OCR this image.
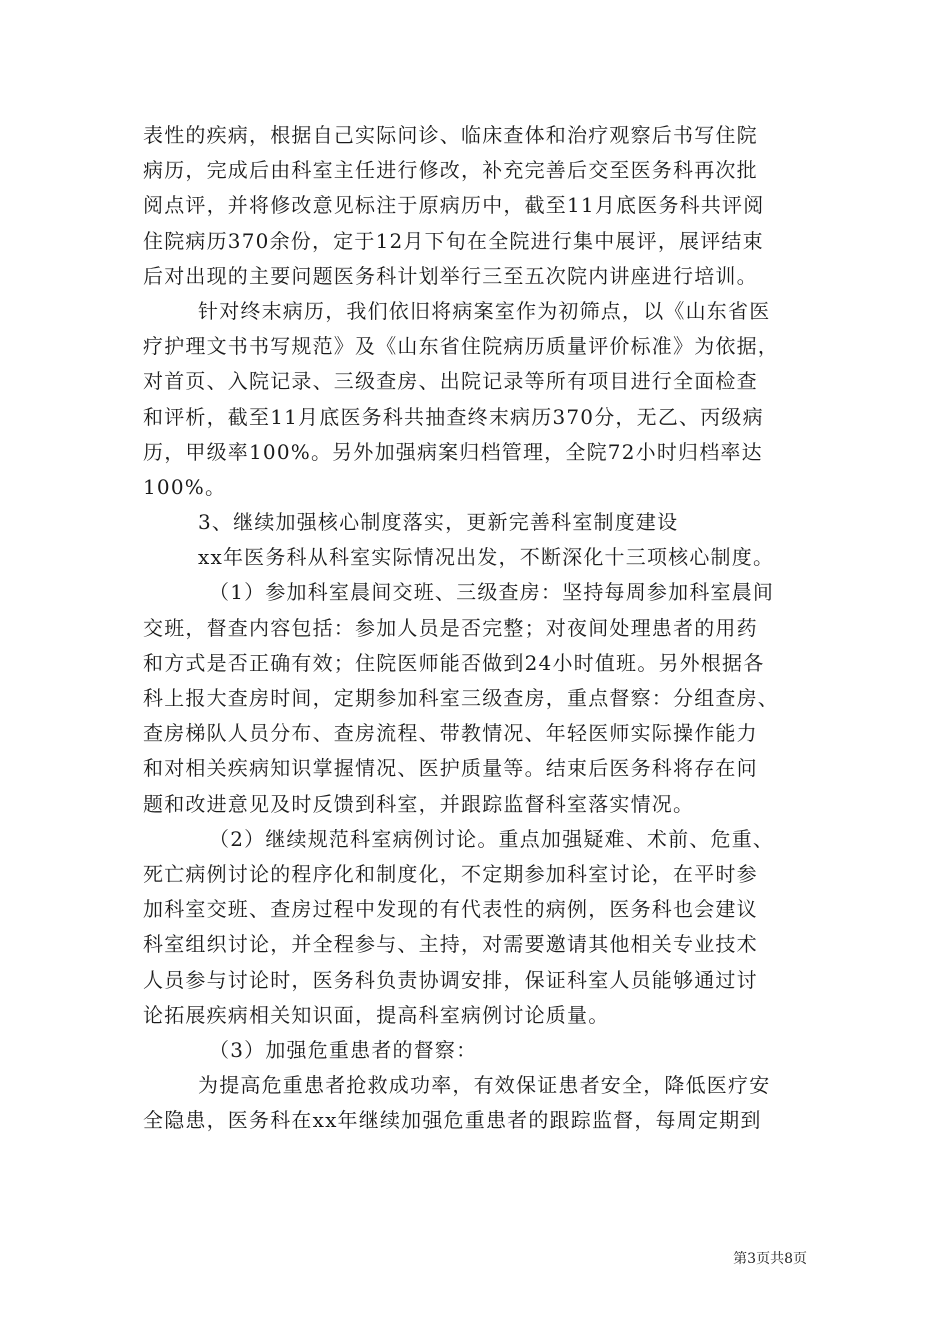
表性的疾病，根据自己实际问诊、临床查体和治疗观察后书写住院
病历，完成后由科室主任进行修改，补充完善后交至医务科再次批
阅点评，并将修改意见标注于原病历中，截至11月底医务科共评阅
住院病历370余份，定于12月下旬在全院进行集中展评，展评结束
后对出现的主要问题医务科计划举行三至五次院内讲座进行培训。
针对终末病历，我们依旧将病案室作为初筛点，以《山东省医
疗护理文书书写规范》及《山东省住院病历质量评价标准》为依据，
对首页、入院记录、三级查房、出院记录等所有项目进行全面检查
和评析，截至11月底医务科共抽查终末病历370分，无乙、丙级病
历，甲级率100%。另外加强病案归档管理，全院72小时归档率达
100%。
3、继续加强核心制度落实，更新完善科室制度建设
xx年医务科从科室实际情况出发，不断深化十三项核心制度。
（1）参加科室晨间交班、三级查房：坚持每周参加科室晨间
交班，督查内容包括：参加人员是否完整；对夜间处理患者的用药
和方式是否正确有效；住院医师能否做到24小时值班。另外根据各
科上报大查房时间，定期参加科室三级查房，重点督察：分组查房、
查房梯队人员分布、查房流程、带教情况、年轻医师实际操作能力
和对相关疾病知识掌握情况、医护质量等。结束后医务科将存在问
题和改进意见及时反馈到科室，并跟踪监督科室落实情况。
（2）继续规范科室病例讨论。重点加强疑难、术前、危重、
死亡病例讨论的程序化和制度化，不定期参加科室讨论，在平时参
加科室交班、查房过程中发现的有代表性的病例，医务科也会建议
科室组织讨论，并全程参与、主持，对需要邀请其他相关专业技术
人员参与讨论时，医务科负责协调安排，保证科室人员能够通过讨
论拓展疾病相关知识面，提高科室病例讨论质量。
（3）加强危重患者的督察：
为提高危重患者抢救成功率，有效保证患者安全，降低医疗安
全隐患，医务科在xx年继续加强危重患者的跟踪监督，每周定期到
第3页共8页
